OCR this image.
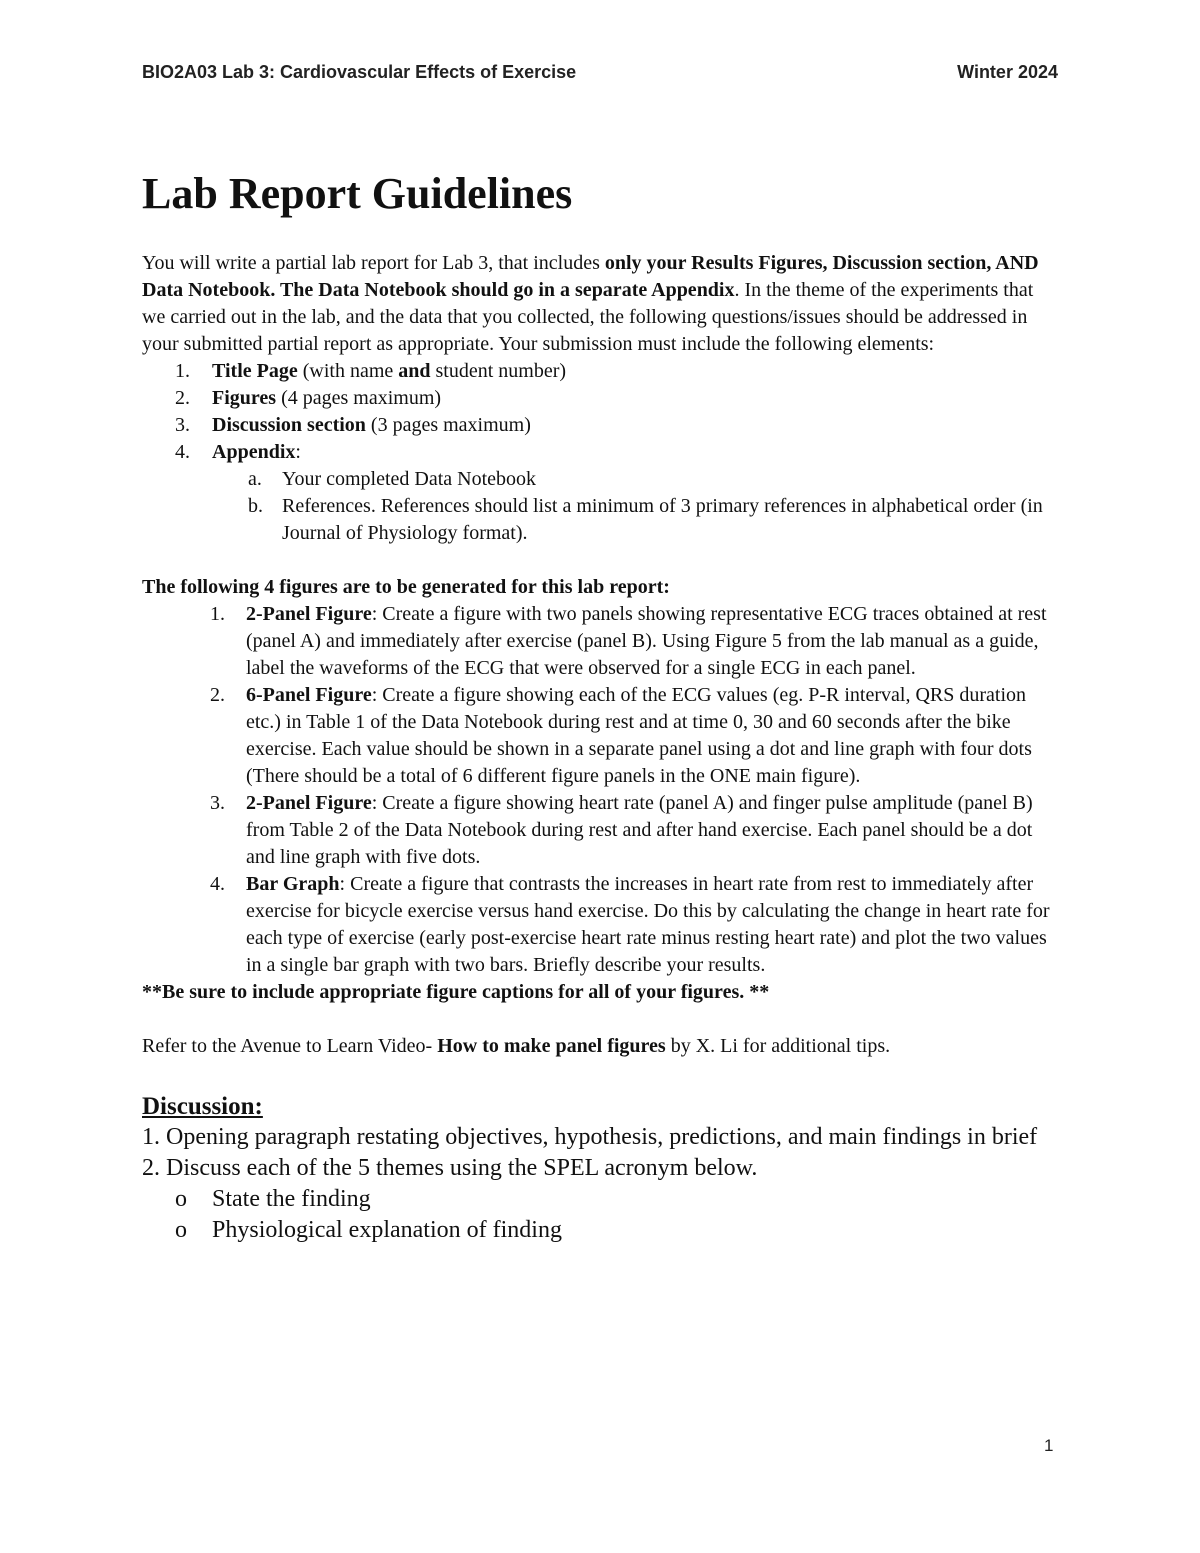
BIO2A03 Lab 3: Cardiovascular Effects of Exercise	Winter 2024
Lab Report Guidelines

You will write a partial lab report for Lab 3, that includes only your Results Figures, Discussion section, AND Data Notebook. The Data Notebook should go in a separate Appendix. In the theme of the experiments that we carried out in the lab, and the data that you collected, the following questions/issues should be addressed in your submitted partial report as appropriate. Your submission must include the following elements:

1. Title Page (with name and student number)
2. Figures (4 pages maximum)
3. Discussion section (3 pages maximum)
4. Appendix:
a. Your completed Data Notebook
b. References. References should list a minimum of 3 primary references in alphabetical order (in Journal of Physiology format).

The following 4 figures are to be generated for this lab report:

1. 2-Panel Figure: Create a figure with two panels showing representative ECG traces obtained at rest (panel A) and immediately after exercise (panel B). Using Figure 5 from the lab manual as a guide, label the waveforms of the ECG that were observed for a single ECG in each panel.
2. 6-Panel Figure: Create a figure showing each of the ECG values (eg. P-R interval, QRS duration etc.) in Table 1 of the Data Notebook during rest and at time 0, 30 and 60 seconds after the bike exercise. Each value should be shown in a separate panel using a dot and line graph with four dots (There should be a total of 6 different figure panels in the ONE main figure).
3. 2-Panel Figure: Create a figure showing heart rate (panel A) and finger pulse amplitude (panel B) from Table 2 of the Data Notebook during rest and after hand exercise. Each panel should be a dot and line graph with five dots.
4. Bar Graph: Create a figure that contrasts the increases in heart rate from rest to immediately after exercise for bicycle exercise versus hand exercise. Do this by calculating the change in heart rate for each type of exercise (early post-exercise heart rate minus resting heart rate) and plot the two values in a single bar graph with two bars. Briefly describe your results.

**Be sure to include appropriate figure captions for all of your figures. **

Refer to the Avenue to Learn Video- How to make panel figures by X. Li for additional tips.

Discussion:

1. Opening paragraph restating objectives, hypothesis, predictions, and main findings in brief

2. Discuss each of the 5 themes using the SPEL acronym below.

o State the finding
o Physiological explanation of finding
1
